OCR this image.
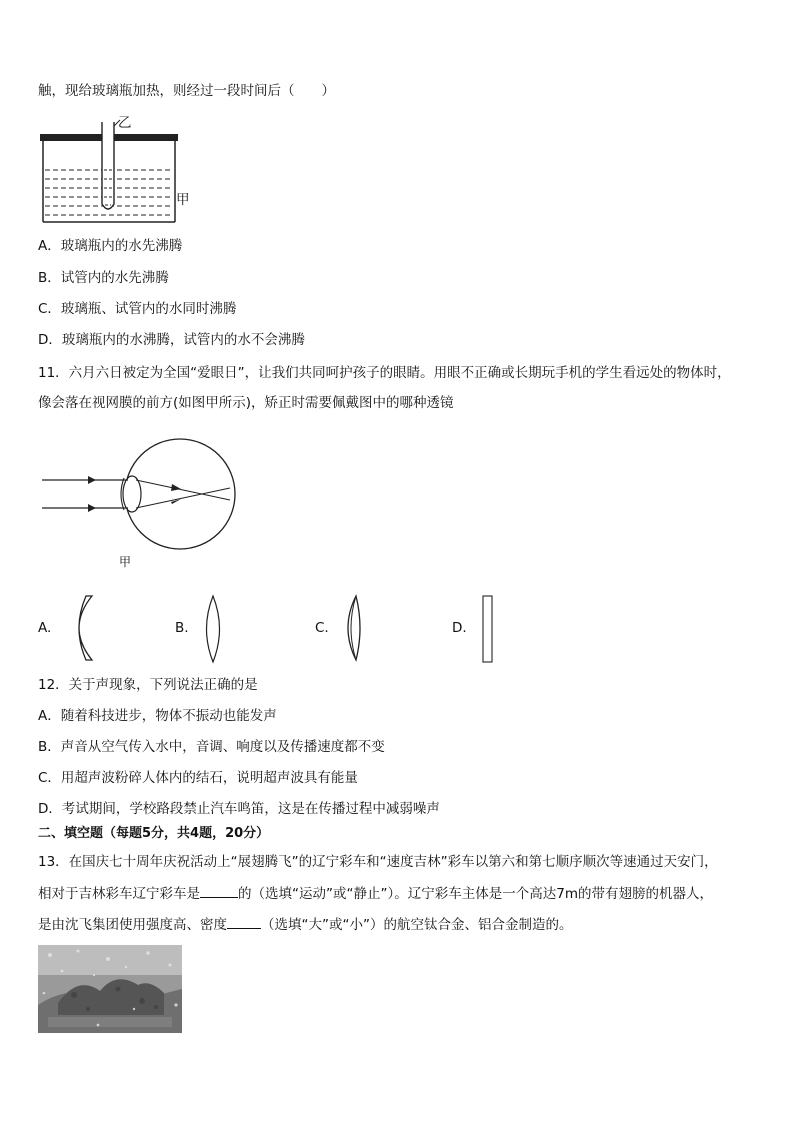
触，现给玻璃瓶加热，则经过一段时间后（　　）
乙
甲
A．玻璃瓶内的水先沸腾
B．试管内的水先沸腾
C．玻璃瓶、试管内的水同时沸腾
D．玻璃瓶内的水沸腾，试管内的水不会沸腾
11．六月六日被定为全国“爱眼日”，让我们共同呵护孩子的眼睛。用眼不正确或长期玩手机的学生看远处的物体时，
像会落在视网膜的前方(如图甲所示)，矫正时需要佩戴图中的哪种透镜
甲
A.	B.	C.	D.
12．关于声现象，下列说法正确的是
A．随着科技进步，物体不振动也能发声
B．声音从空气传入水中，音调、响度以及传播速度都不变
C．用超声波粉碎人体内的结石，说明超声波具有能量
D．考试期间，学校路段禁止汽车鸣笛，这是在传播过程中减弱噪声
二、填空题（每题5分，共4题，20分）
13．在国庆七十周年庆祝活动上“展翅腾飞”的辽宁彩车和“速度吉林”彩车以第六和第七顺序顺次等速通过天安门，
相对于吉林彩车辽宁彩车是	的（选填“运动”或“静止”）。辽宁彩车主体是一个高达7m的带有翅膀的机器人，
是由沈飞集团使用强度高、密度	（选填“大”或“小”）的航空钛合金、铝合金制造的。
